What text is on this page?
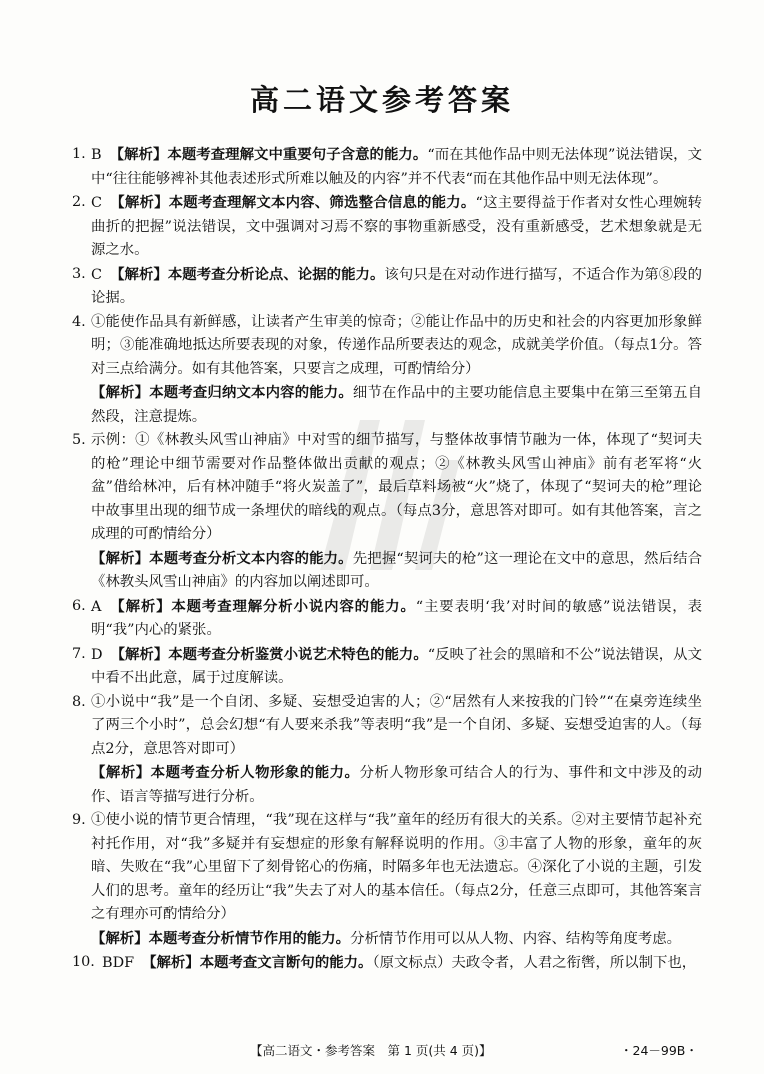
高二语文参考答案
1. B 【解析】本题考查理解文中重要句子含意的能力。“而在其他作品中则无法体现”说法错误，文中“往往能够裨补其他表述形式所难以触及的内容”并不代表“而在其他作品中则无法体现”。
2. C 【解析】本题考查理解文本内容、筛选整合信息的能力。“这主要得益于作者对女性心理婉转曲折的把握”说法错误，文中强调对习焉不察的事物重新感受，没有重新感受，艺术想象就是无源之水。
3. C 【解析】本题考查分析论点、论据的能力。该句只是在对动作进行描写，不适合作为第⑧段的论据。
4. ①能使作品具有新鲜感，让读者产生审美的惊奇；②能让作品中的历史和社会的内容更加形象鲜明；③能准确地抵达所要表现的对象，传递作品所要表达的观念，成就美学价值。（每点1分。答对三点给满分。如有其他答案，只要言之成理，可酌情给分）
【解析】本题考查归纳文本内容的能力。细节在作品中的主要功能信息主要集中在第三至第五自然段，注意提炼。
5. 示例：①《林教头风雪山神庙》中对雪的细节描写，与整体故事情节融为一体，体现了“契诃夫的枪”理论中细节需要对作品整体做出贡献的观点；②《林教头风雪山神庙》前有老军将“火盆”借给林冲，后有林冲随手“将火炭盖了”，最后草料场被“火”烧了，体现了“契诃夫的枪”理论中故事里出现的细节成一条埋伏的暗线的观点。（每点3分，意思答对即可。如有其他答案，言之成理的可酌情给分）
【解析】本题考查分析文本内容的能力。先把握“契诃夫的枪”这一理论在文中的意思，然后结合《林教头风雪山神庙》的内容加以阐述即可。
6. A 【解析】本题考查理解分析小说内容的能力。“主要表明‘我’对时间的敏感”说法错误，表明“我”内心的紧张。
7. D 【解析】本题考查分析鉴赏小说艺术特色的能力。“反映了社会的黑暗和不公”说法错误，从文中看不出此意，属于过度解读。
8. ①小说中“我”是一个自闭、多疑、妄想受迫害的人；②“居然有人来按我的门铃”“在桌旁连续坐了两三个小时”，总会幻想“有人要来杀我”等表明“我”是一个自闭、多疑、妄想受迫害的人。（每点2分，意思答对即可）
【解析】本题考查分析人物形象的能力。分析人物形象可结合人的行为、事件和文中涉及的动作、语言等描写进行分析。
9. ①使小说的情节更合情理，“我”现在这样与“我”童年的经历有很大的关系。②对主要情节起补充衬托作用，对“我”多疑并有妄想症的形象有解释说明的作用。③丰富了人物的形象，童年的灰暗、失败在“我”心里留下了刻骨铭心的伤痛，时隔多年也无法遗忘。④深化了小说的主题，引发人们的思考。童年的经历让“我”失去了对人的基本信任。（每点2分，任意三点即可，其他答案言之有理亦可酌情给分）
【解析】本题考查分析情节作用的能力。分析情节作用可以从人物、内容、结构等角度考虑。
10. BDF 【解析】本题考查文言断句的能力。（原文标点）夫政令者，人君之衔辔，所以制下也，
【高二语文・参考答案　第 1 页(共 4 页)】	・24－99B・
